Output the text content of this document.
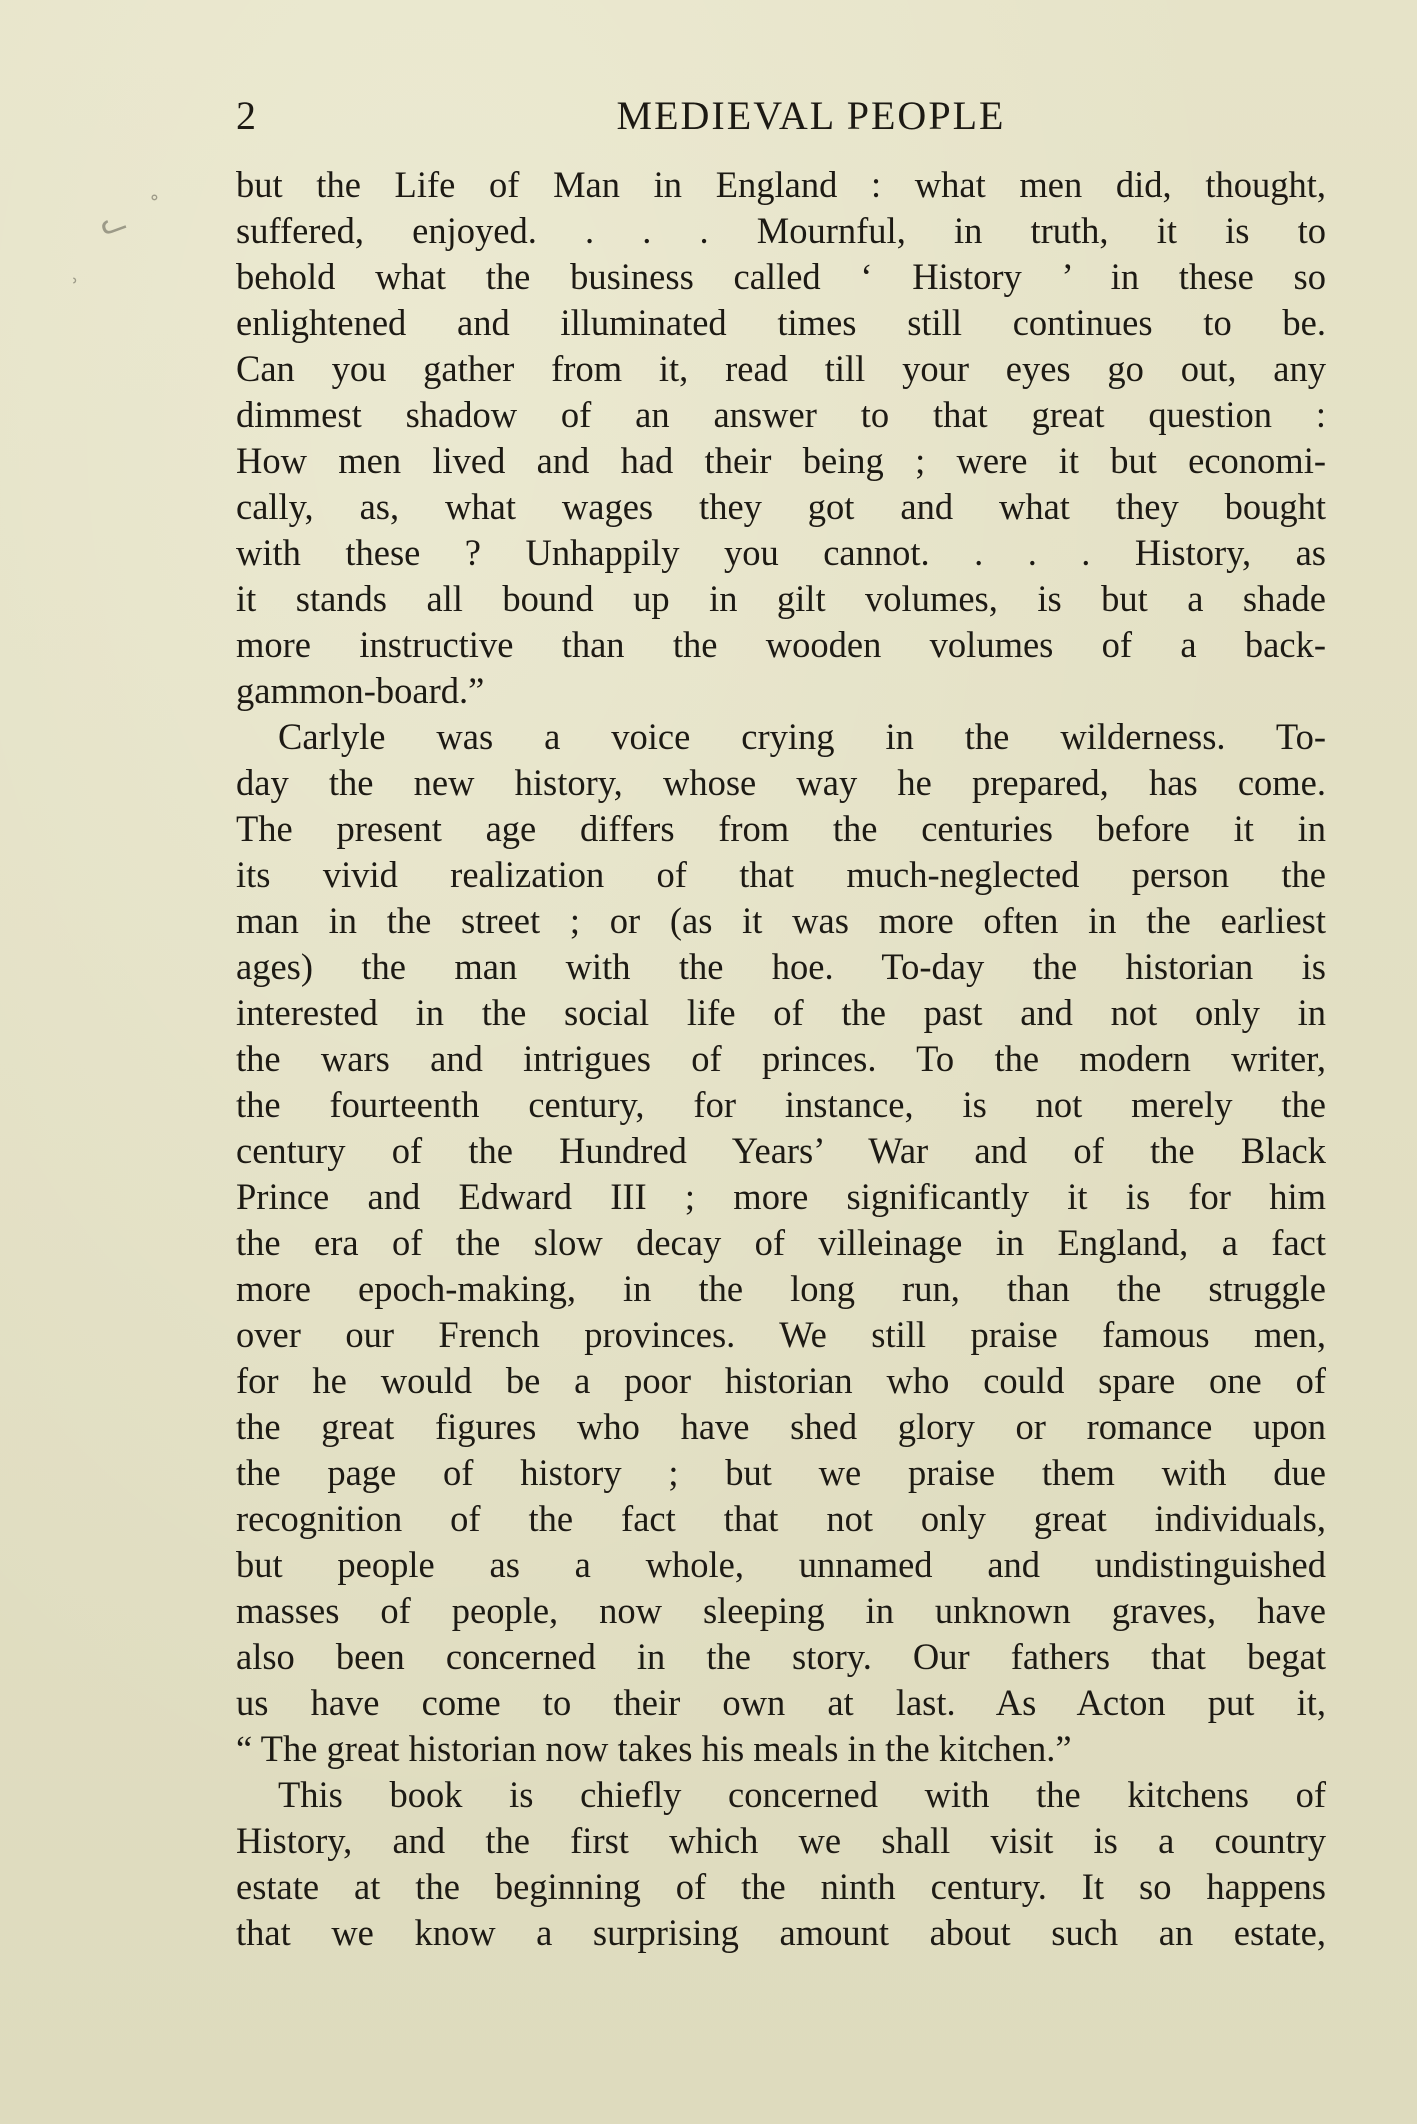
ᓚ ᐤ
˒
2	MEDIEVAL PEOPLE
but the Life of Man in England : what men did, thought,
suffered, enjoyed. . . . Mournful, in truth, it is to
behold what the business called ‘ History ’ in these so
enlightened and illuminated times still continues to be.
Can you gather from it, read till your eyes go out, any
dimmest shadow of an answer to that great question :
How men lived and had their being ; were it but economi-
cally, as, what wages they got and what they bought
with these ? Unhappily you cannot. . . . History, as
it stands all bound up in gilt volumes, is but a shade
more instructive than the wooden volumes of a back-
gammon-board.”
Carlyle was a voice crying in the wilderness. To-
day the new history, whose way he prepared, has come.
The present age differs from the centuries before it in
its vivid realization of that much-neglected person the
man in the street ; or (as it was more often in the earliest
ages) the man with the hoe. To-day the historian is
interested in the social life of the past and not only in
the wars and intrigues of princes. To the modern writer,
the fourteenth century, for instance, is not merely the
century of the Hundred Years’ War and of the Black
Prince and Edward III ; more significantly it is for him
the era of the slow decay of villeinage in England, a fact
more epoch-making, in the long run, than the struggle
over our French provinces. We still praise famous men,
for he would be a poor historian who could spare one of
the great figures who have shed glory or romance upon
the page of history ; but we praise them with due
recognition of the fact that not only great individuals,
but people as a whole, unnamed and undistinguished
masses of people, now sleeping in unknown graves, have
also been concerned in the story. Our fathers that begat
us have come to their own at last. As Acton put it,
“ The great historian now takes his meals in the kitchen.”
This book is chiefly concerned with the kitchens of
History, and the first which we shall visit is a country
estate at the beginning of the ninth century. It so happens
that we know a surprising amount about such an estate,
